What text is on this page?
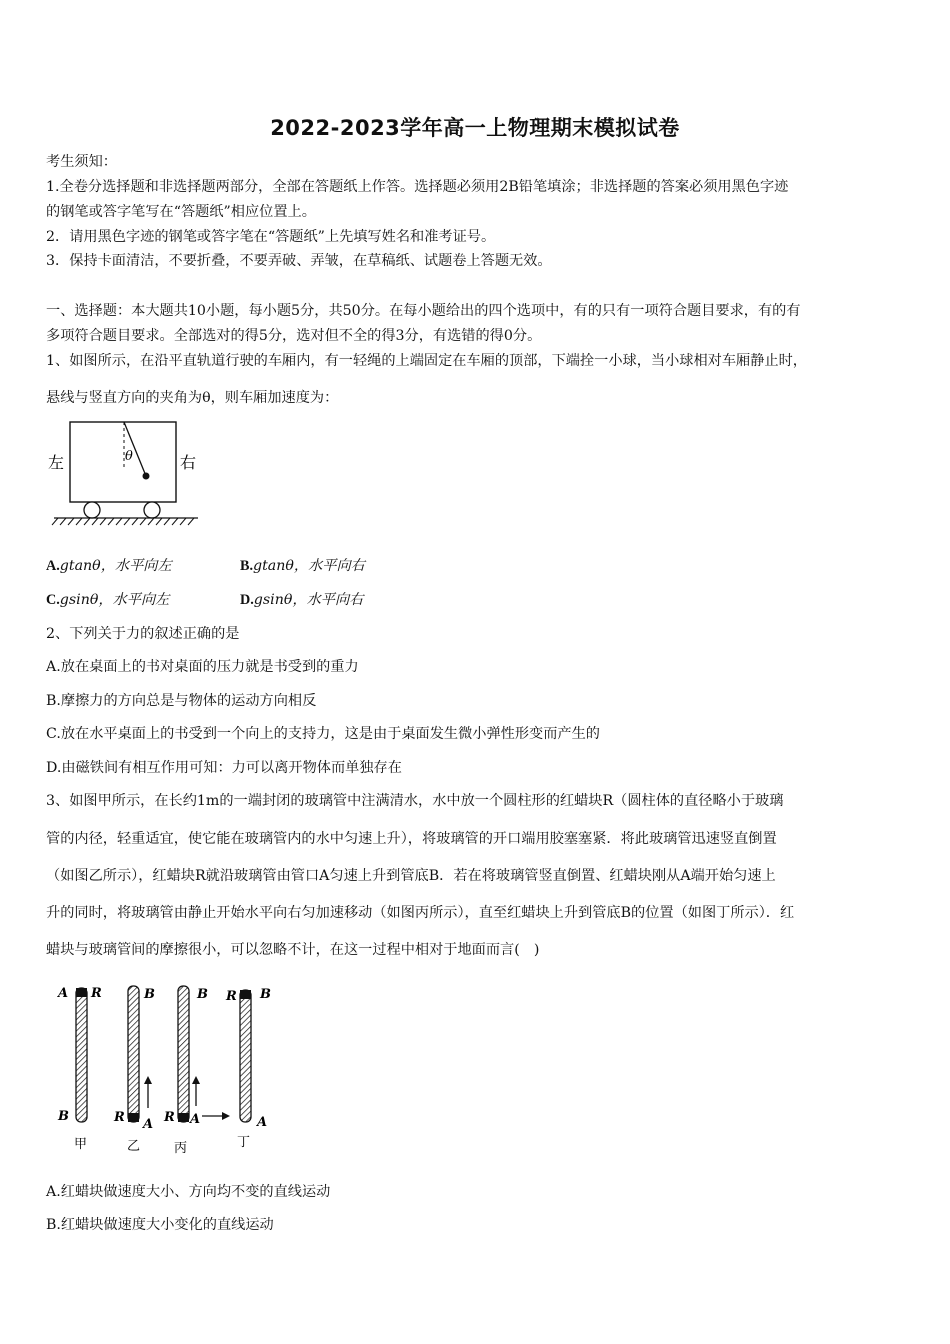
2022-2023学年高一上物理期末模拟试卷
考生须知：
1.全卷分选择题和非选择题两部分，全部在答题纸上作答。选择题必须用2B铅笔填涂；非选择题的答案必须用黑色字迹
的钢笔或答字笔写在“答题纸”相应位置上。
2．请用黑色字迹的钢笔或答字笔在“答题纸”上先填写姓名和准考证号。
3．保持卡面清洁，不要折叠，不要弄破、弄皱，在草稿纸、试题卷上答题无效。
一、选择题：本大题共10小题，每小题5分，共50分。在每小题给出的四个选项中，有的只有一项符合题目要求，有的有
多项符合题目要求。全部选对的得5分，选对但不全的得3分，有选错的得0分。
1、如图所示，在沿平直轨道行驶的车厢内，有一轻绳的上端固定在车厢的顶部，下端拴一小球，当小球相对车厢静止时，
悬线与竖直方向的夹角为θ，则车厢加速度为：
θ
左	右
A.gtanθ，水平向左	B.gtanθ，水平向右
C.gsinθ，水平向左	D.gsinθ，水平向右
2、下列关于力的叙述正确的是
A.放在桌面上的书对桌面的压力就是书受到的重力
B.摩擦力的方向总是与物体的运动方向相反
C.放在水平桌面上的书受到一个向上的支持力，这是由于桌面发生微小弹性形变而产生的
D.由磁铁间有相互作用可知：力可以离开物体而单独存在
3、如图甲所示，在长约1m的一端封闭的玻璃管中注满清水，水中放一个圆柱形的红蜡块R（圆柱体的直径略小于玻璃
管的内径，轻重适宜，使它能在玻璃管内的水中匀速上升），将玻璃管的开口端用胶塞塞紧．将此玻璃管迅速竖直倒置
（如图乙所示），红蜡块R就沿玻璃管由管口A匀速上升到管底B．若在将玻璃管竖直倒置、红蜡块刚从A端开始匀速上
升的同时，将玻璃管由静止开始水平向右匀加速移动（如图丙所示），直至红蜡块上升到管底B的位置（如图丁所示）．红
蜡块与玻璃管间的摩擦很小，可以忽略不计，在这一过程中相对于地面而言(　)
A R
B
甲
B
R A
乙
B
R A
丙
R B
A
丁
A.红蜡块做速度大小、方向均不变的直线运动
B.红蜡块做速度大小变化的直线运动
